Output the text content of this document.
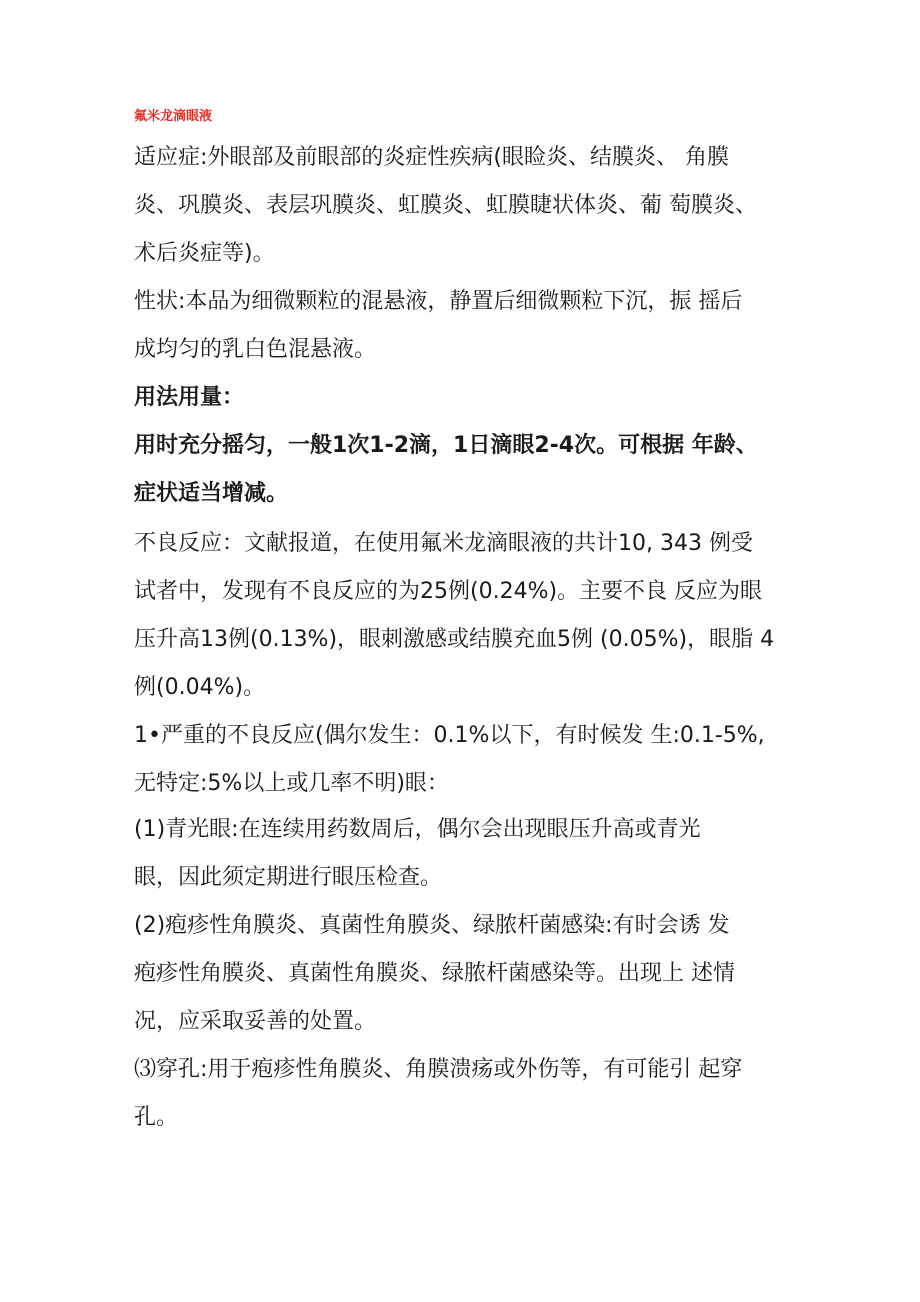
氟米龙滴眼液
适应症:外眼部及前眼部的炎症性疾病(眼睑炎、结膜炎、 角膜
炎、巩膜炎、表层巩膜炎、虹膜炎、虹膜睫状体炎、葡 萄膜炎、
术后炎症等)。
性状:本品为细微颗粒的混悬液，静置后细微颗粒下沉，振 摇后
成均匀的乳白色混悬液。
用法用量：
用时充分摇匀，一般1次1-2滴，1日滴眼2-4次。可根据 年龄、
症状适当增减。
不良反应：文献报道，在使用氟米龙滴眼液的共计10, 343 例受
试者中，发现有不良反应的为25例(0.24%)。主要不良 反应为眼
压升高13例(0.13%)，眼刺激感或结膜充血5例 (0.05%)，眼脂 4
例(0.04%)。
1•严重的不良反应(偶尔发生：0.1%以下，有时候发 生:0.1-5%,
无特定:5%以上或几率不明)眼：
(1)青光眼:在连续用药数周后，偶尔会出现眼压升高或青光
眼，因此须定期进行眼压检查。
(2)疱疹性角膜炎、真菌性角膜炎、绿脓杆菌感染:有时会诱 发
疱疹性角膜炎、真菌性角膜炎、绿脓杆菌感染等。出现上 述情
况，应采取妥善的处置。
⑶穿孔:用于疱疹性角膜炎、角膜溃疡或外伤等，有可能引 起穿
孔。
